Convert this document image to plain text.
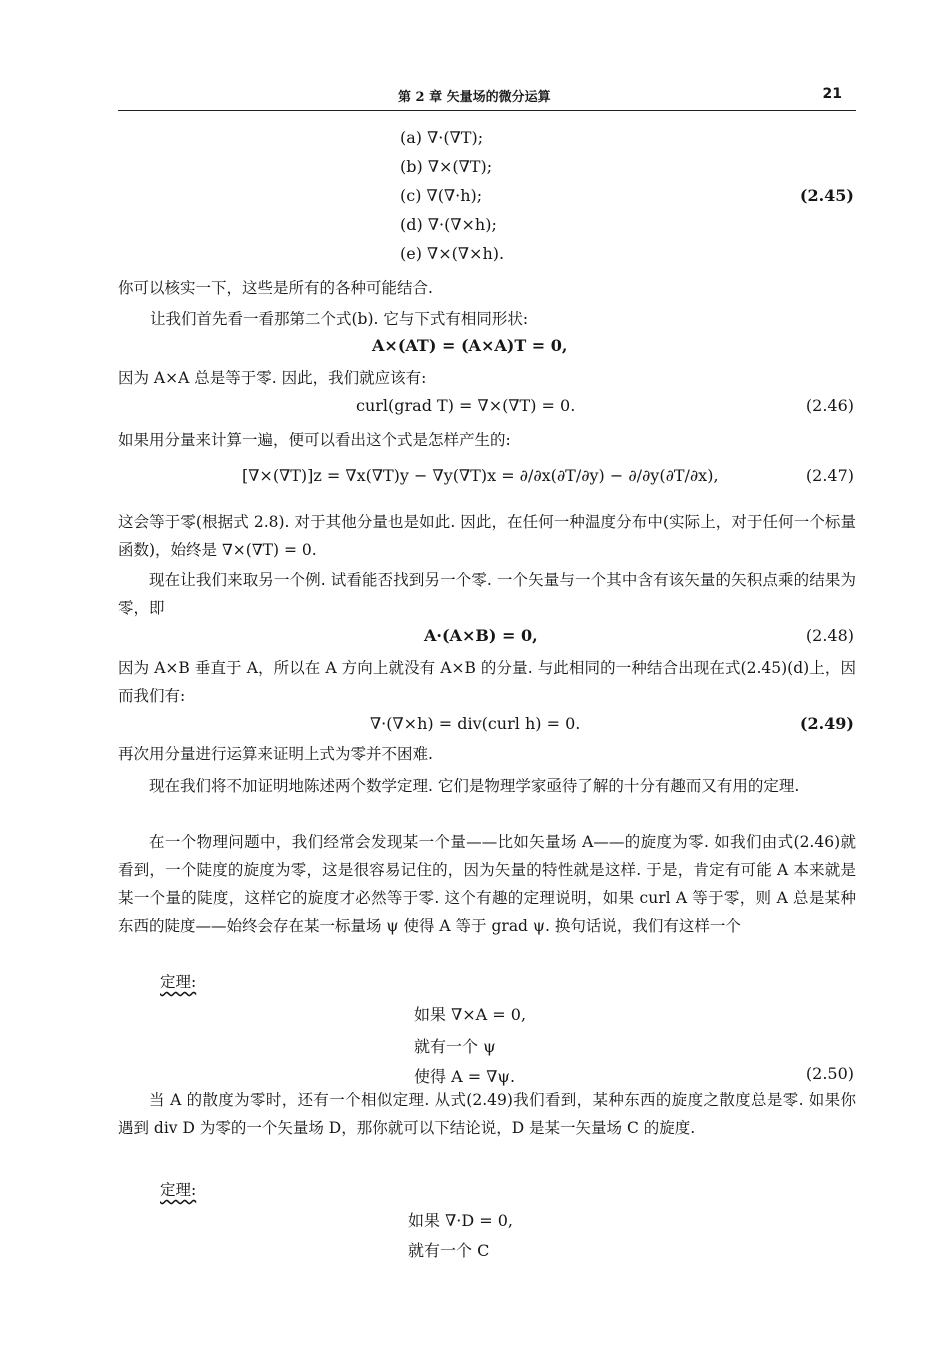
第 2 章 矢量场的微分运算	21
(a) ∇·(∇T);
(b) ∇×(∇T);
(c) ∇(∇·h);
(d) ∇·(∇×h);
(e) ∇×(∇×h).
(2.45)
你可以核实一下，这些是所有的各种可能结合.
让我们首先看一看那第二个式(b). 它与下式有相同形状:
A×(AT) = (A×A)T = 0,
因为 A×A 总是等于零. 因此，我们就应该有:
curl(grad T) = ∇×(∇T) = 0.	(2.46)
如果用分量来计算一遍，便可以看出这个式是怎样产生的:
[∇×(∇T)]z = ∇x(∇T)y − ∇y(∇T)x = ∂/∂x(∂T/∂y) − ∂/∂y(∂T/∂x),	(2.47)
这会等于零(根据式 2.8). 对于其他分量也是如此. 因此，在任何一种温度分布中(实际上，对于任何一个标量函数)，始终是 ∇×(∇T) = 0.
现在让我们来取另一个例. 试看能否找到另一个零. 一个矢量与一个其中含有该矢量的矢积点乘的结果为零，即
A·(A×B) = 0,	(2.48)
因为 A×B 垂直于 A，所以在 A 方向上就没有 A×B 的分量. 与此相同的一种结合出现在式(2.45)(d)上，因而我们有:
∇·(∇×h) = div(curl h) = 0.	(2.49)
再次用分量进行运算来证明上式为零并不困难.
现在我们将不加证明地陈述两个数学定理. 它们是物理学家亟待了解的十分有趣而又有用的定理.
在一个物理问题中，我们经常会发现某一个量——比如矢量场 A——的旋度为零. 如我们由式(2.46)就看到，一个陡度的旋度为零，这是很容易记住的，因为矢量的特性就是这样. 于是，肯定有可能 A 本来就是某一个量的陡度，这样它的旋度才必然等于零. 这个有趣的定理说明，如果 curl A 等于零，则 A 总是某种东西的陡度——始终会存在某一标量场 ψ 使得 A 等于 grad ψ. 换句话说，我们有这样一个
定理:
如果 ∇×A = 0,
就有一个 ψ
使得 A = ∇ψ.	(2.50)
当 A 的散度为零时，还有一个相似定理. 从式(2.49)我们看到，某种东西的旋度之散度总是零. 如果你遇到 div D 为零的一个矢量场 D，那你就可以下结论说，D 是某一矢量场 C 的旋度.
定理:
如果 ∇·D = 0,
就有一个 C
